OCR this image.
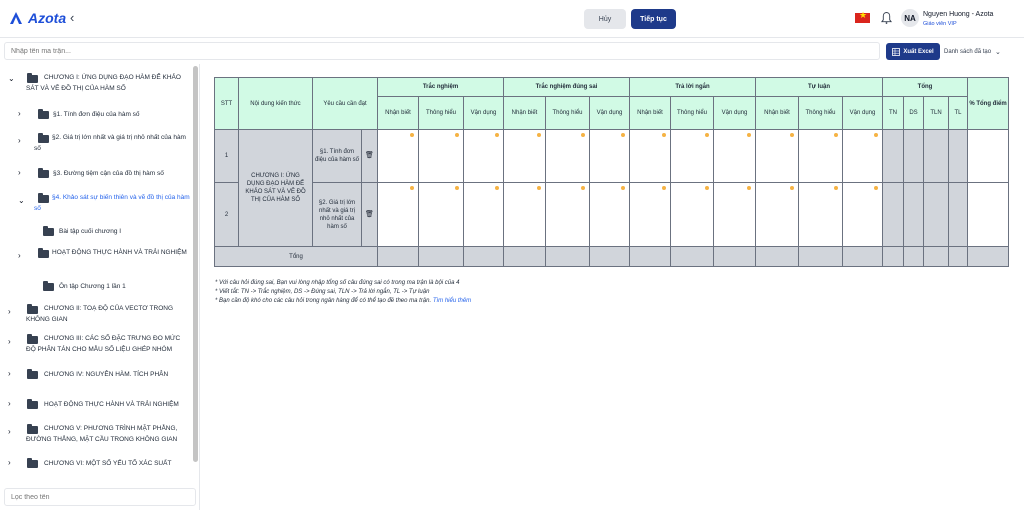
Azota ‹	Hủy	Tiếp tục ★	NA	Nguyen Huong - Azota
Giáo viên VIP
Nhập tên ma trận...
Xuất Excel Danh sách đã tạo ⌄
⌄	CHƯƠNG I: ỨNG DỤNG ĐẠO HÀM ĐỂ KHẢO SÁT VÀ VẼ ĐỒ THỊ CỦA HÀM SỐ
›	§1. Tính đơn điệu của hàm số
›	§2. Giá trị lớn nhất và giá trị nhỏ nhất của hàm số
›	§3. Đường tiệm cận của đồ thị hàm số
⌄	§4. Khảo sát sự biến thiên và vẽ đồ thị của hàm số
Bài tập cuối chương I
›	HOẠT ĐỘNG THỰC HÀNH VÀ TRẢI NGHIỆM
Ôn tập Chương 1 lần 1
›	CHƯƠNG II: TOẠ ĐỘ CỦA VECTƠ TRONG KHÔNG GIAN
›	CHƯƠNG III: CÁC SỐ ĐẶC TRƯNG ĐO MỨC ĐỘ PHÂN TÁN CHO MẪU SỐ LIỆU GHÉP NHÓM
›	CHƯƠNG IV: NGUYÊN HÀM. TÍCH PHÂN
›	HOẠT ĐỘNG THỰC HÀNH VÀ TRẢI NGHIỆM
›	CHƯƠNG V: PHƯƠNG TRÌNH MẶT PHẲNG, ĐƯỜNG THẲNG, MẶT CẦU TRONG KHÔNG GIAN
›	CHƯƠNG VI: MỘT SỐ YẾU TỐ XÁC SUẤT
Lọc theo tên
STT	Nội dung kiến thức	Yêu cầu cần đạt		Trắc nghiệm			Trắc nghiệm đúng sai			Trả lời ngắn			Tự luận			Tổng				% Tổng điểm
				Nhận biết	Thông hiểu	Vận dụng	Nhận biết	Thông hiểu	Vận dụng	Nhận biết	Thông hiểu	Vận dụng	Nhận biết	Thông hiểu	Vận dụng	TN	DS	TLN	TL	
1	CHƯƠNG I: ỨNG DỤNG ĐẠO HÀM ĐỂ KHẢO SÁT VÀ VẼ ĐỒ THỊ CỦA HÀM SỐ	§1. Tính đơn điệu của hàm số	🗑	

2		§2. Giá trị lớn nhất và giá trị nhỏ nhất của hàm số	🗑	

Tổng																				
* Với câu hỏi đúng sai, Bạn vui lòng nhập tổng số câu đúng sai có trong ma trận là bội của 4
* Viết tắt: TN -> Trắc nghiệm, DS -> Đúng sai, TLN -> Trả lời ngắn, TL -> Tự luận
* Bạn cần độ khó cho các câu hỏi trong ngân hàng để có thể tạo đề theo ma trận. Tìm hiểu thêm
